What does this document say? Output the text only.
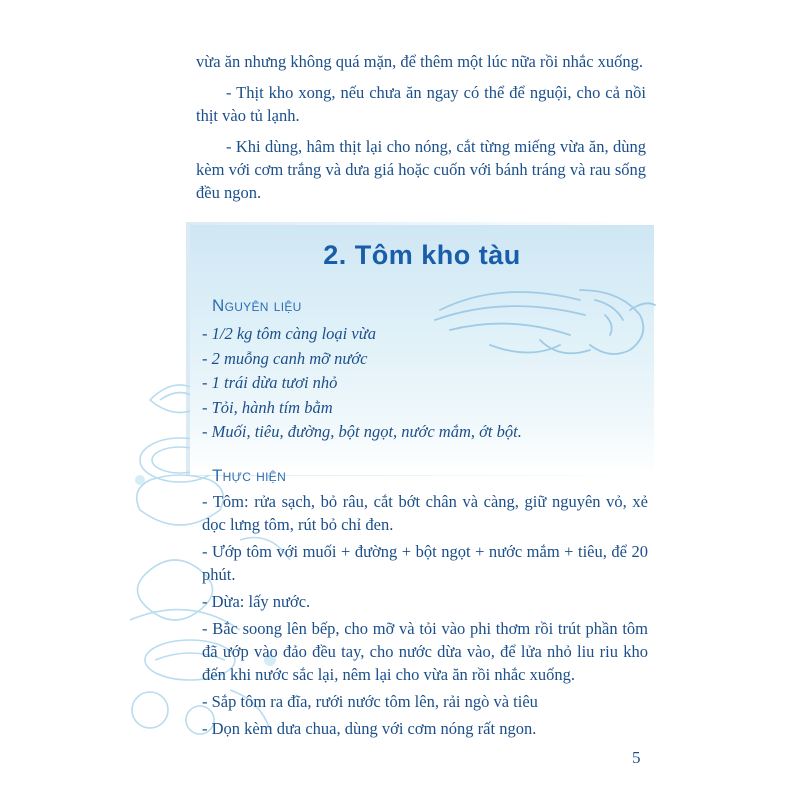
vừa ăn nhưng không quá mặn, để thêm một lúc nữa rồi nhắc xuống.

- Thịt kho xong, nếu chưa ăn ngay có thể để nguội, cho cả nồi thịt vào tủ lạnh.

- Khi dùng, hâm thịt lại cho nóng, cắt từng miếng vừa ăn, dùng kèm với cơm trắng và dưa giá hoặc cuốn với bánh tráng và rau sống đều ngon.

2. Tôm kho tàu
Nguyên liệu
- 1/2 kg tôm càng loại vừa
- 2 muỗng canh mỡ nước
- 1 trái dừa tươi nhỏ
- Tỏi, hành tím bằm
- Muối, tiêu, đường, bột ngọt, nước mắm, ớt bột.
Thực hiện

- Tôm: rửa sạch, bỏ râu, cắt bớt chân và càng, giữ nguyên vỏ, xẻ dọc lưng tôm, rút bỏ chỉ đen.

- Ướp tôm với muối + đường + bột ngọt + nước mắm + tiêu, để 20 phút.

- Dừa: lấy nước.

- Bắc soong lên bếp, cho mỡ và tỏi vào phi thơm rồi trút phần tôm đã ướp vào đảo đều tay, cho nước dừa vào, để lửa nhỏ liu riu kho đến khi nước sắc lại, nêm lại cho vừa ăn rồi nhắc xuống.

- Sắp tôm ra đĩa, rưới nước tôm lên, rải ngò và tiêu

- Dọn kèm dưa chua, dùng với cơm nóng rất ngon.

5
